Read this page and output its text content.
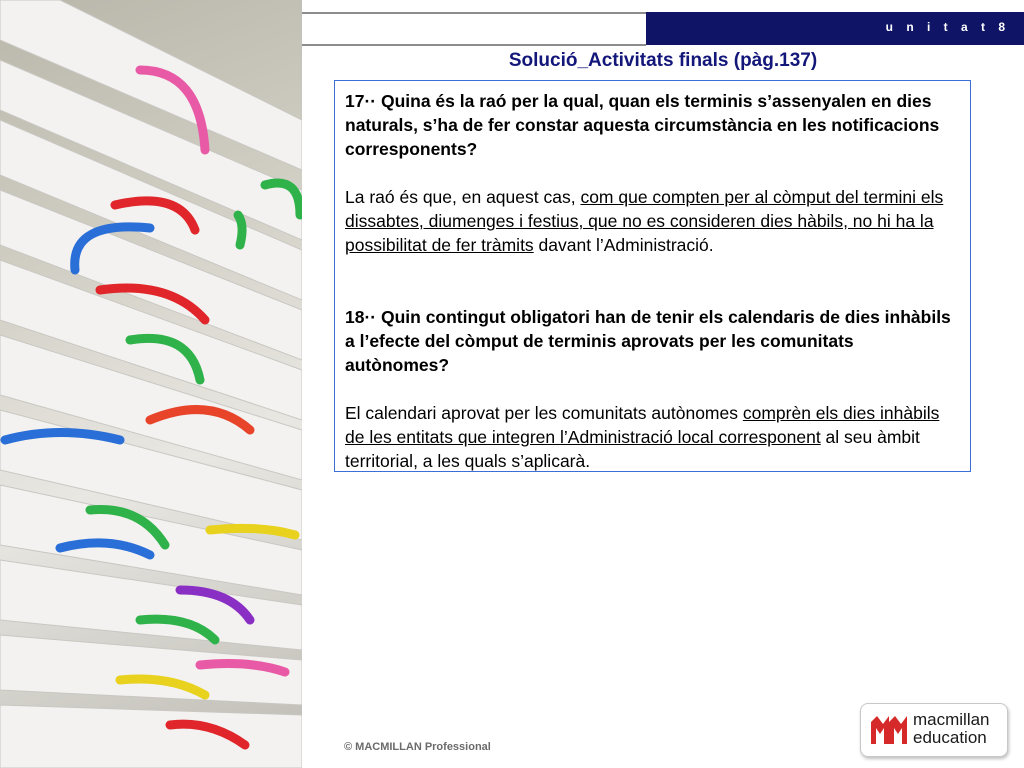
u n i t a t 8
Solució_Activitats finals (pàg.137)

17·· Quina és la raó per la qual, quan els terminis s’assenyalen en dies naturals, s’ha de fer constar aquesta circumstància en les notificacions corresponents?

La raó és que, en aquest cas, com que compten per al còmput del termini els dissabtes, diumenges i festius, que no es consideren dies hàbils, no hi ha la possibilitat de fer tràmits davant l’Administració.

18·· Quin contingut obligatori han de tenir els calendaris de dies inhàbils a l’efecte del còmput de terminis aprovats per les comunitats autònomes?

El calendari aprovat per les comunitats autònomes comprèn els dies inhàbils de les entitats que integren l’Administració local corresponent al seu àmbit territorial, a les quals s’aplicarà.

© MACMILLAN Professional
macmillan
education
